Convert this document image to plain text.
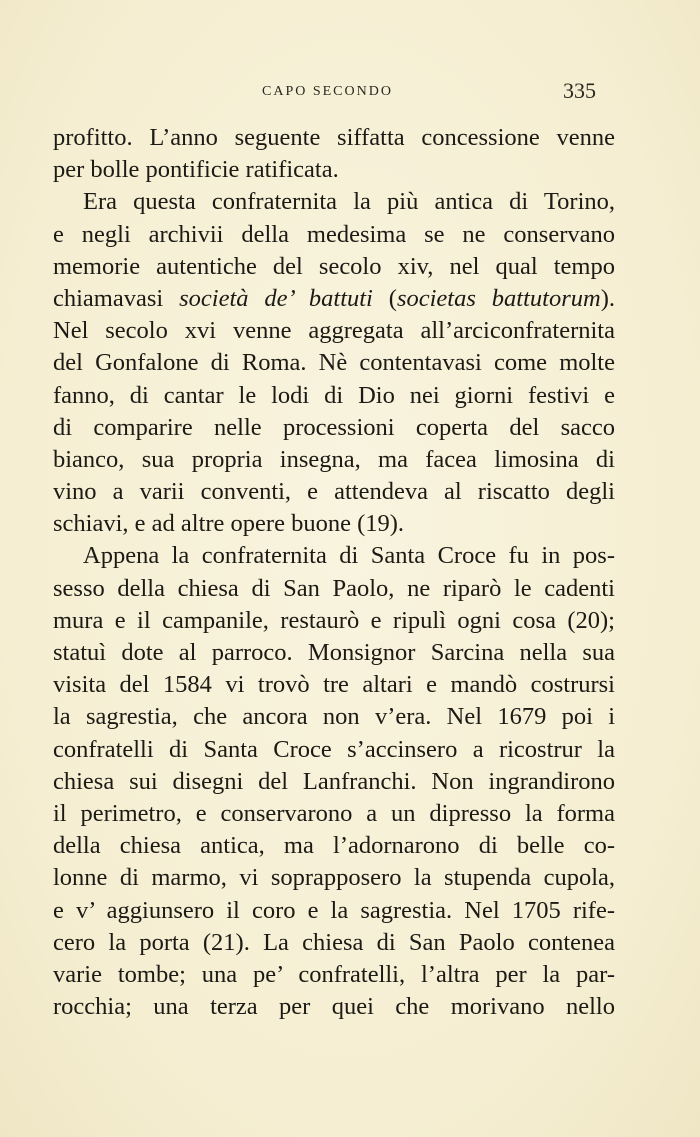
CAPO SECONDO	335
profitto. L’anno seguente siffatta concessione venne
per bolle pontificie ratificata.
Era questa confraternita la più antica di Torino,
e negli archivii della medesima se ne conservano
memorie autentiche del secolo xiv, nel qual tempo
chiamavasi società de’ battuti (societas battutorum).
Nel secolo xvi venne aggregata all’arciconfraternita
del Gonfalone di Roma. Nè contentavasi come molte
fanno, di cantar le lodi di Dio nei giorni festivi e
di comparire nelle processioni coperta del sacco
bianco, sua propria insegna, ma facea limosina di
vino a varii conventi, e attendeva al riscatto degli
schiavi, e ad altre opere buone (19).
Appena la confraternita di Santa Croce fu in pos-
sesso della chiesa di San Paolo, ne riparò le cadenti
mura e il campanile, restaurò e ripulì ogni cosa (20);
statuì dote al parroco. Monsignor Sarcina nella sua
visita del 1584 vi trovò tre altari e mandò costrursi
la sagrestia, che ancora non v’era. Nel 1679 poi i
confratelli di Santa Croce s’accinsero a ricostrur la
chiesa sui disegni del Lanfranchi. Non ingrandirono
il perimetro, e conservarono a un dipresso la forma
della chiesa antica, ma l’adornarono di belle co-
lonne di marmo, vi soprapposero la stupenda cupola,
e v’ aggiunsero il coro e la sagrestia. Nel 1705 rife-
cero la porta (21). La chiesa di San Paolo contenea
varie tombe; una pe’ confratelli, l’altra per la par-
rocchia; una terza per quei che morivano nello
